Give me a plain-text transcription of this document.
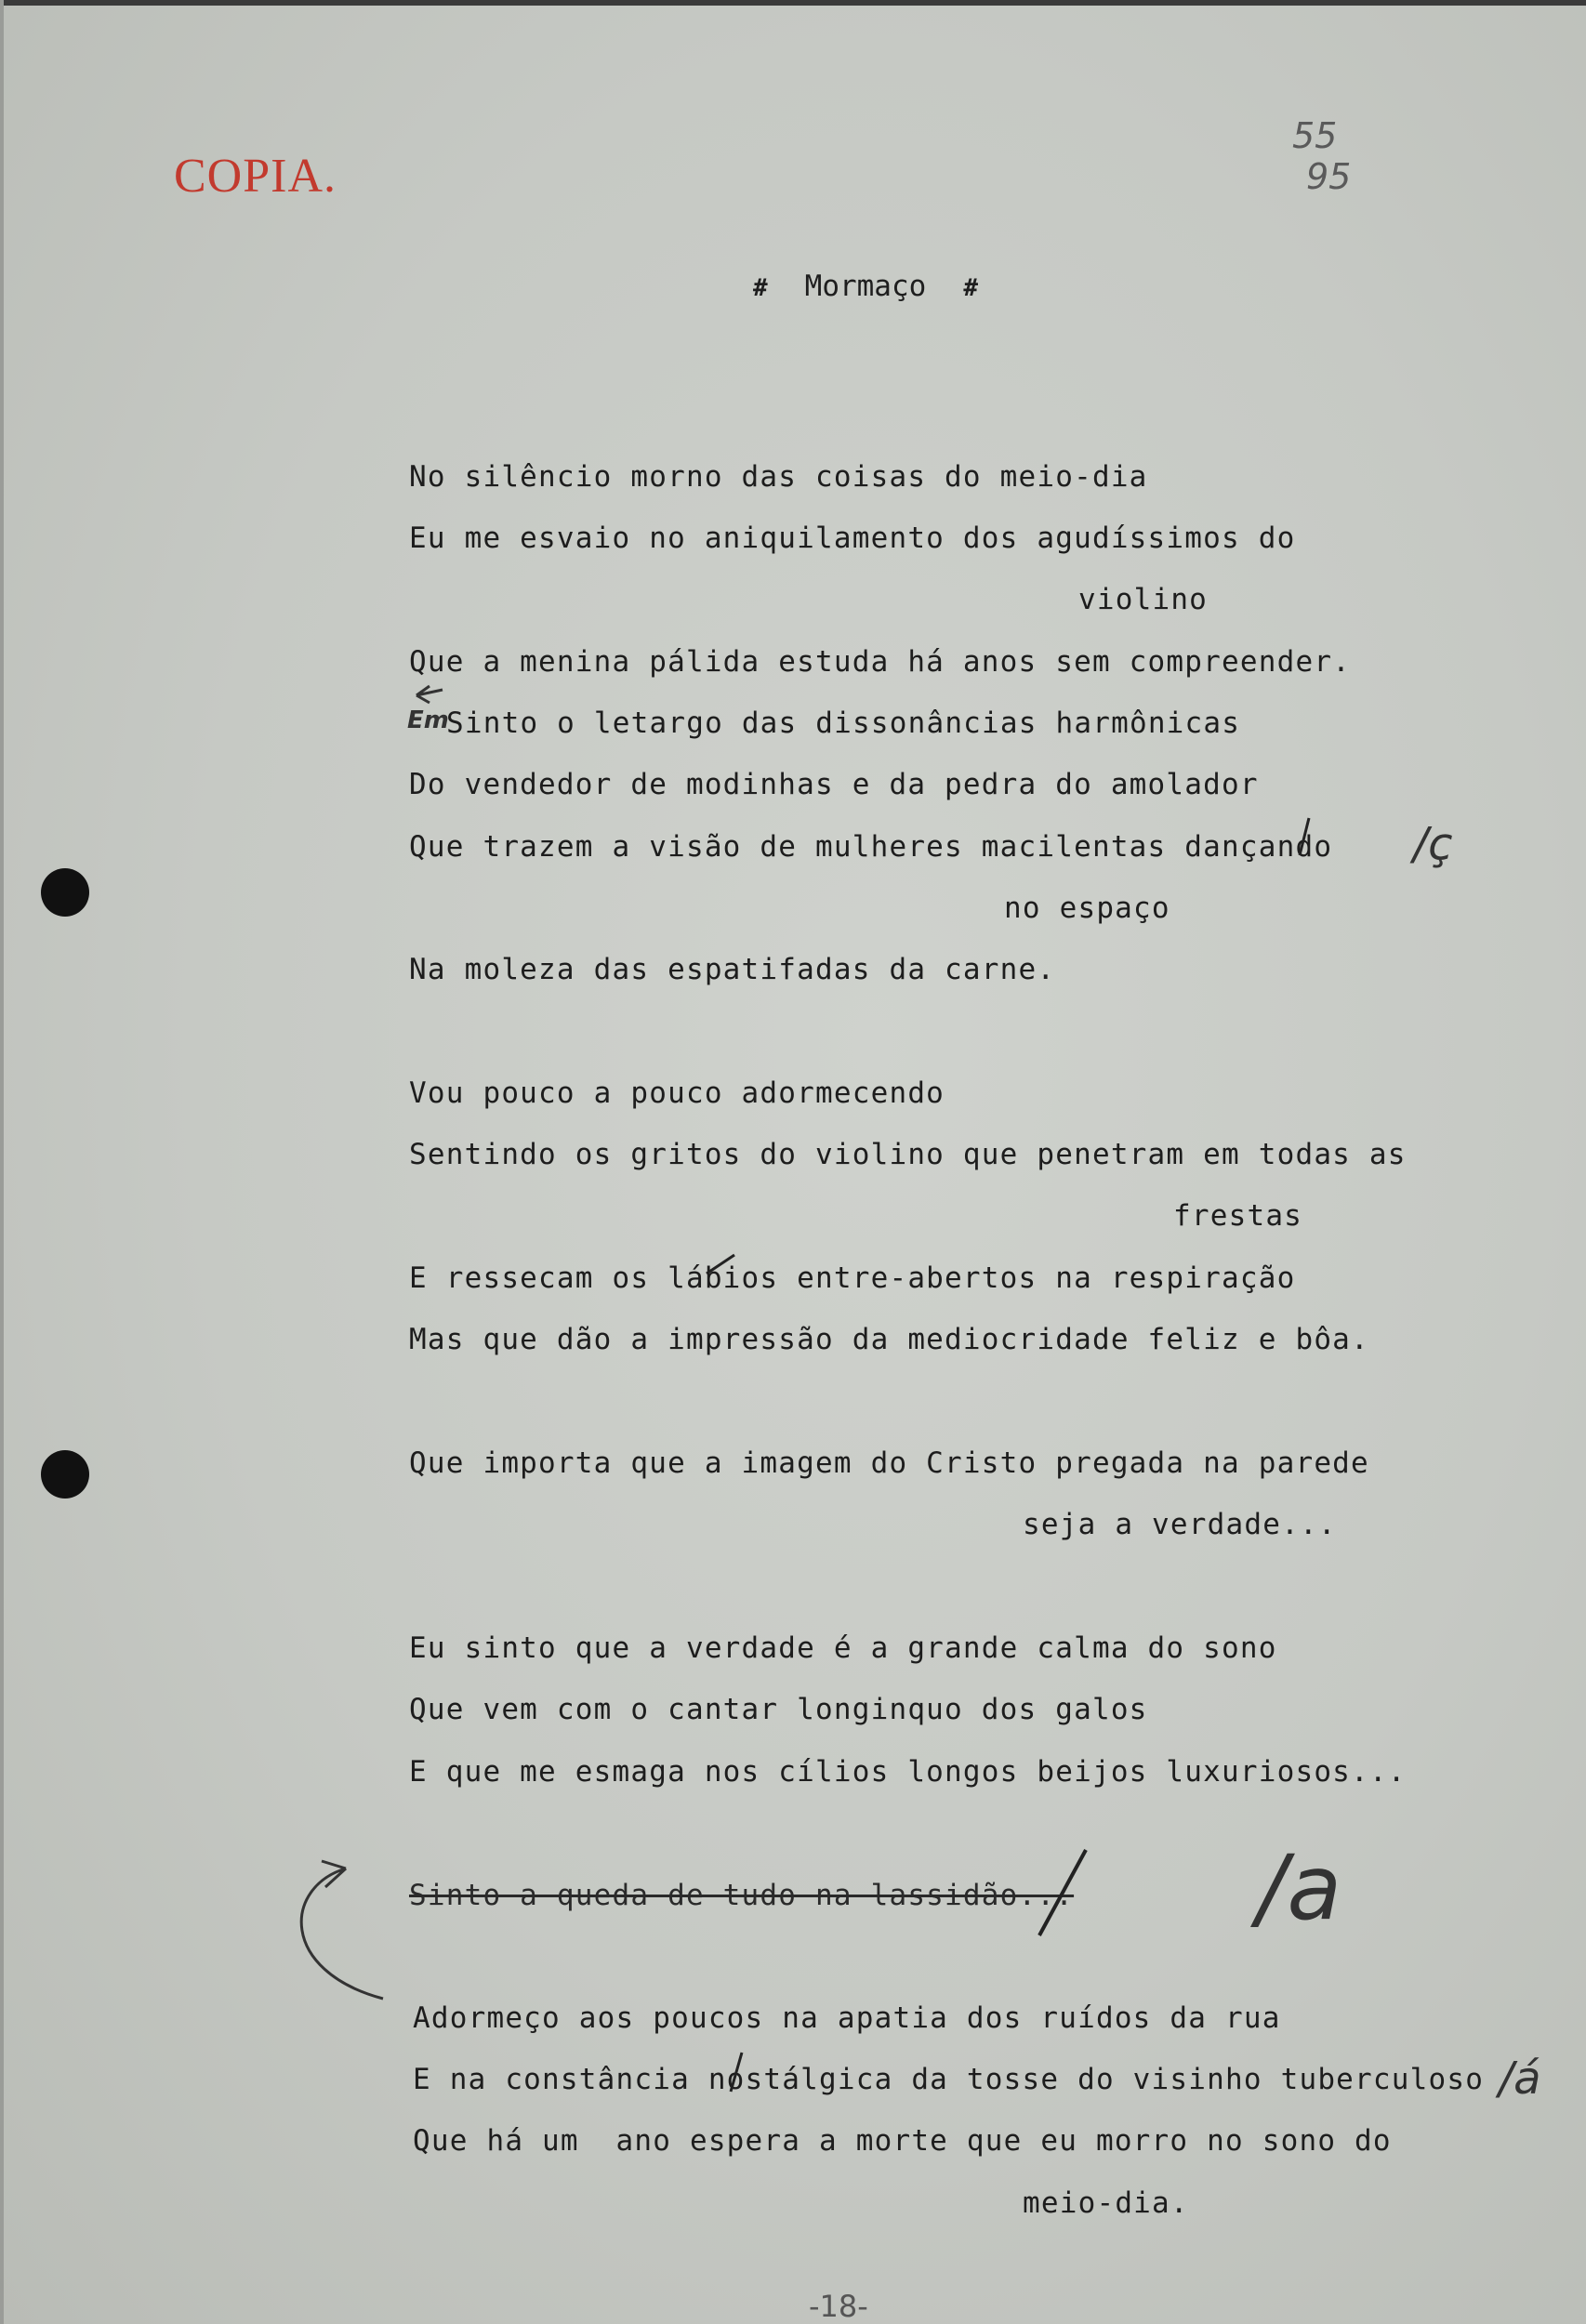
COPIA.
55
95
# Mormaço #
No silêncio morno das coisas do meio-dia
Eu me esvaio no aniquilamento dos agudíssimos do
violino
Que a menina pálida estuda há anos sem compreender.
Sinto o letargo das dissonâncias harmônicas
Do vendedor de modinhas e da pedra do amolador
Que trazem a visão de mulheres macilentas dançando
no espaço
Na moleza das espatifadas da carne.
Vou pouco a pouco adormecendo
Sentindo os gritos do violino que penetram em todas as
frestas
E ressecam os lábios entre-abertos na respiração
Mas que dão a impressão da mediocridade feliz e bôa.
Que importa que a imagem do Cristo pregada na parede
seja a verdade...
Eu sinto que a verdade é a grande calma do sono
Que vem com o cantar longinquo dos galos
E que me esmaga nos cílios longos beijos luxuriosos...
Adormeço aos poucos na apatia dos ruídos da rua
E na constância nostálgica da tosse do visinho tuberculoso
Que há um  ano espera a morte que eu morro no sono do
meio-dia.
Sinto a queda de tudo na lassidão...
/ç
/a
/á
Em
-18-
